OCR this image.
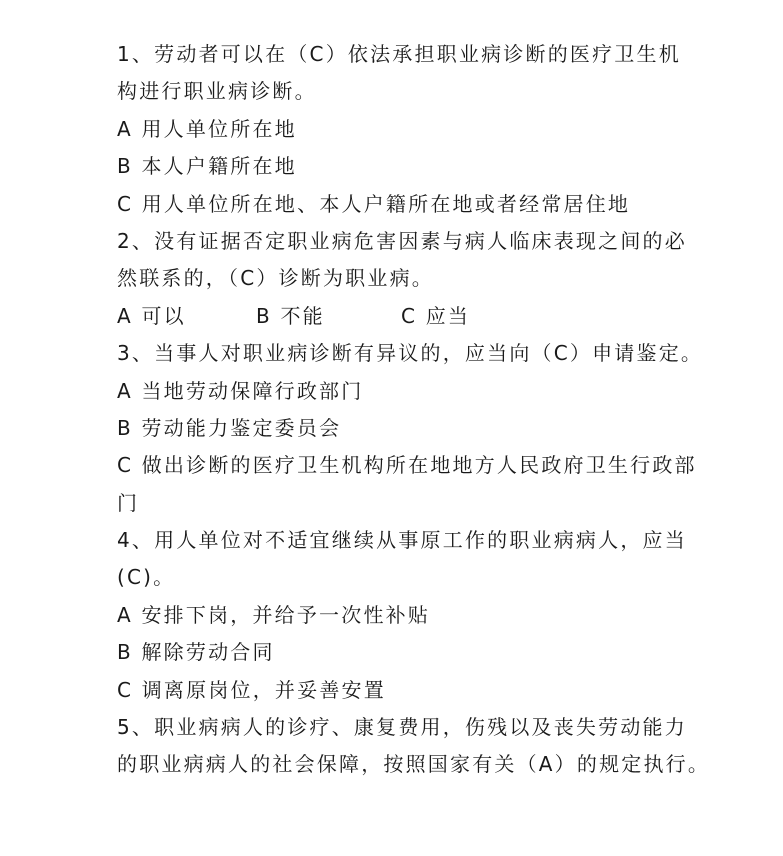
1、劳动者可以在（C）依法承担职业病诊断的医疗卫生机
构进行职业病诊断。
A 用人单位所在地
B 本人户籍所在地
C 用人单位所在地、本人户籍所在地或者经常居住地
2、没有证据否定职业病危害因素与病人临床表现之间的必
然联系的，（C）诊断为职业病。
A 可以	B 不能	C 应当
3、当事人对职业病诊断有异议的，应当向（C）申请鉴定。
A 当地劳动保障行政部门
B 劳动能力鉴定委员会
C 做出诊断的医疗卫生机构所在地地方人民政府卫生行政部
门
4、用人单位对不适宜继续从事原工作的职业病病人，应当
(C)。
A 安排下岗，并给予一次性补贴
B 解除劳动合同
C 调离原岗位，并妥善安置
5、职业病病人的诊疗、康复费用，伤残以及丧失劳动能力
的职业病病人的社会保障，按照国家有关（A）的规定执行。
